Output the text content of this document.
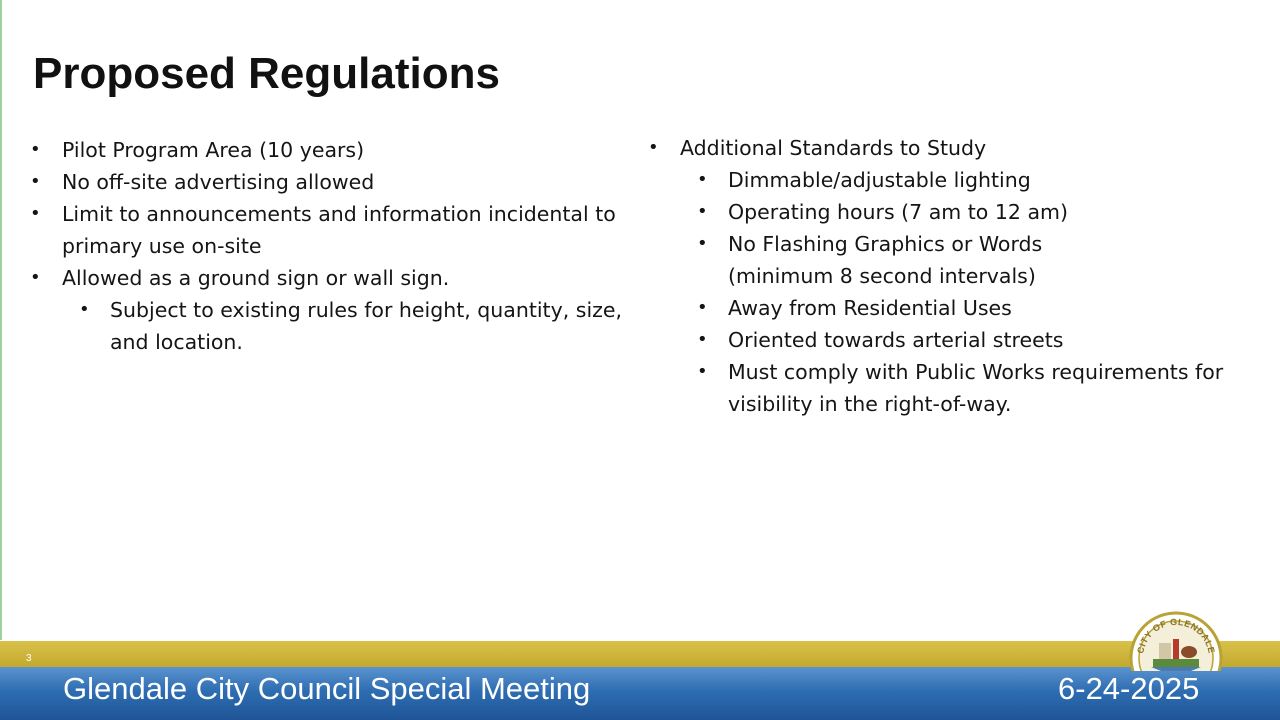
Proposed Regulations
• Pilot Program Area (10 years)
• No off-site advertising allowed
• Limit to announcements and information incidental to
primary use on-site
• Allowed as a ground sign or wall sign.
• Subject to existing rules for height, quantity, size,
and location.
• Additional Standards to Study
• Dimmable/adjustable lighting
• Operating hours (7 am to 12 am)
• No Flashing Graphics or Words
(minimum 8 second intervals)
• Away from Residential Uses
• Oriented towards arterial streets
• Must comply with Public Works requirements for
visibility in the right-of-way.
3
Glendale City Council Special Meeting	6-24-2025
CITY OF GLENDALE
